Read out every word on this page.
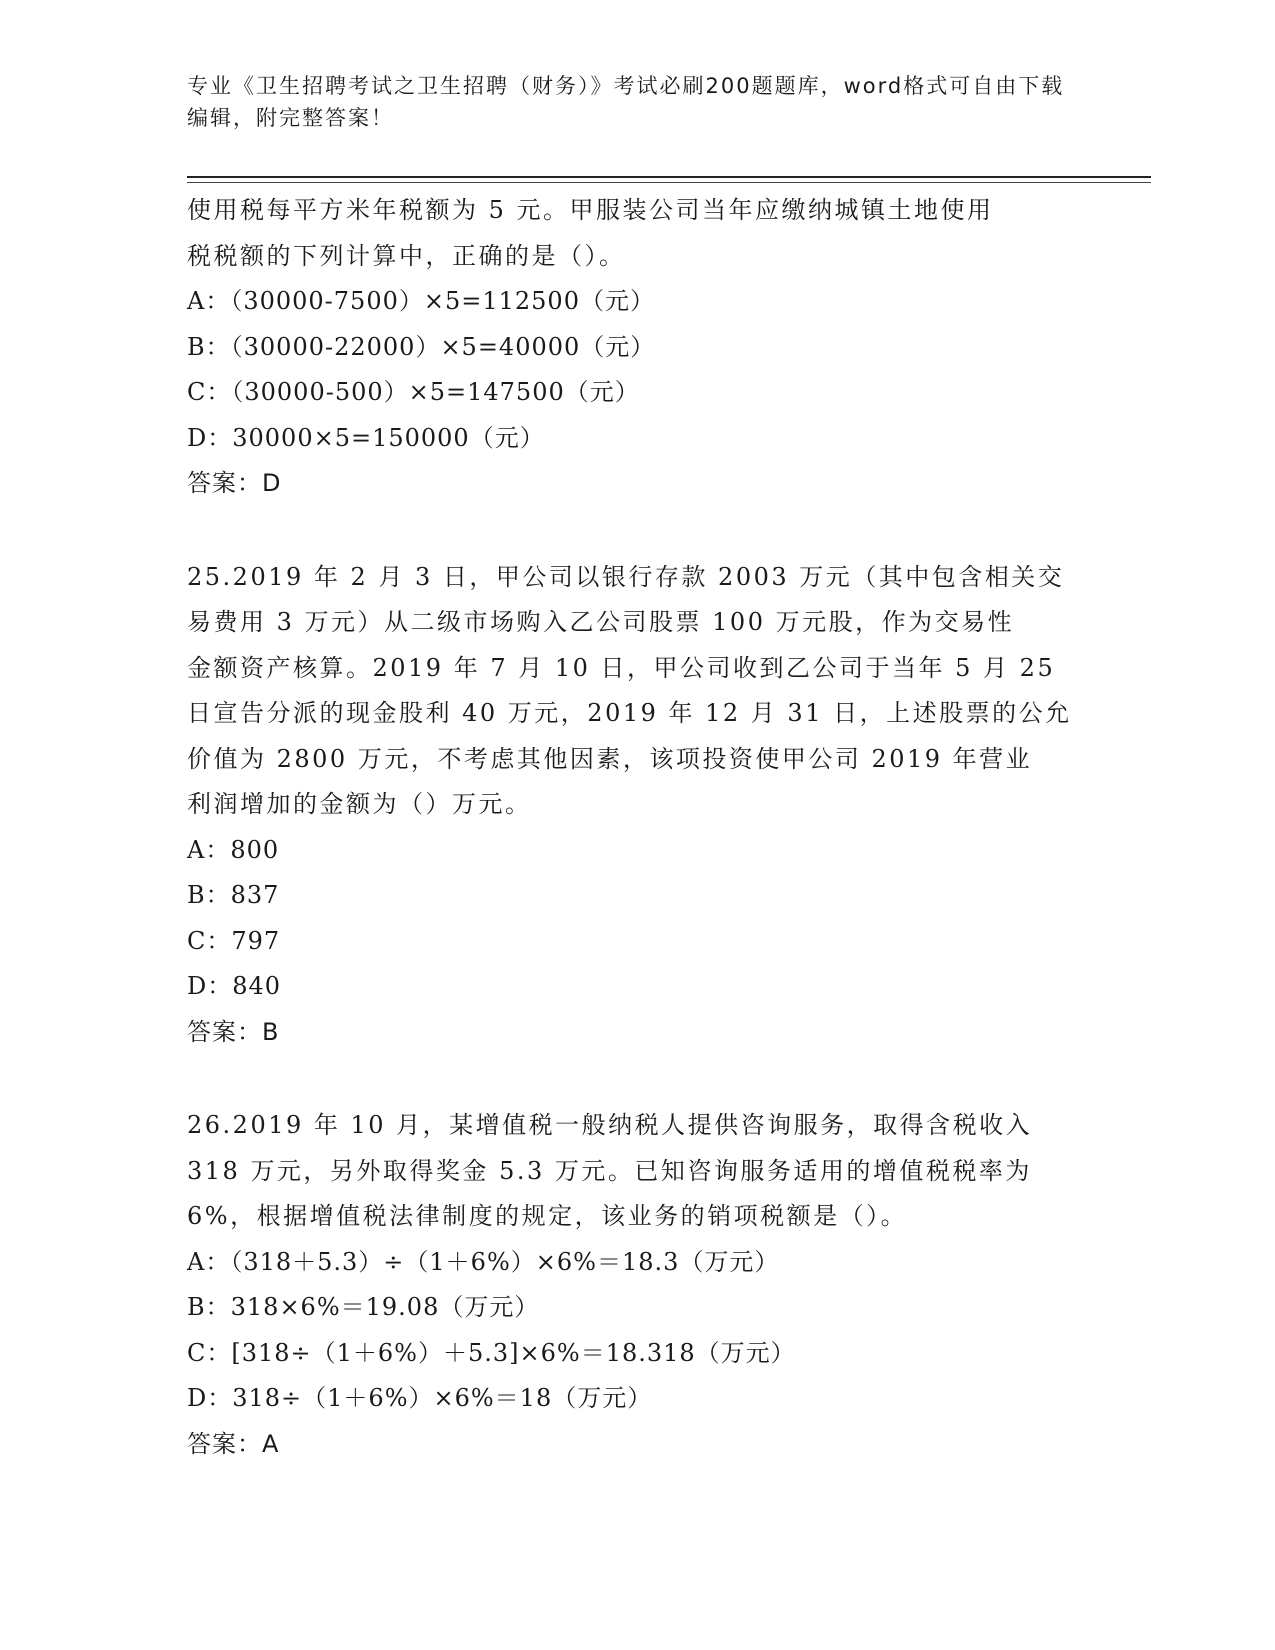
专业《卫生招聘考试之卫生招聘（财务）》考试必刷200题题库，word格式可自由下载编辑，附完整答案！

使用税每平方米年税额为 5 元。甲服装公司当年应缴纳城镇土地使用

税税额的下列计算中，正确的是（）。

A：（30000-7500）×5=112500（元）

B：（30000-22000）×5=40000（元）

C：（30000-500）×5=147500（元）

D：30000×5=150000（元）

答案：D

25.2019 年 2 月 3 日，甲公司以银行存款 2003 万元（其中包含相关交

易费用 3 万元）从二级市场购入乙公司股票 100 万元股，作为交易性

金额资产核算。2019 年 7 月 10 日，甲公司收到乙公司于当年 5 月 25

日宣告分派的现金股利 40 万元，2019 年 12 月 31 日，上述股票的公允

价值为 2800 万元，不考虑其他因素，该项投资使甲公司 2019 年营业

利润增加的金额为（）万元。

A：800

B：837

C：797

D：840

答案：B

26.2019 年 10 月，某增值税一般纳税人提供咨询服务，取得含税收入

318 万元，另外取得奖金 5.3 万元。已知咨询服务适用的增值税税率为

6%，根据增值税法律制度的规定，该业务的销项税额是（）。

A：（318＋5.3）÷（1＋6%）×6%＝18.3（万元）

B：318×6%＝19.08（万元）

C：[318÷（1＋6%）＋5.3]×6%＝18.318（万元）

D：318÷（1＋6%）×6%＝18（万元）

答案：A
